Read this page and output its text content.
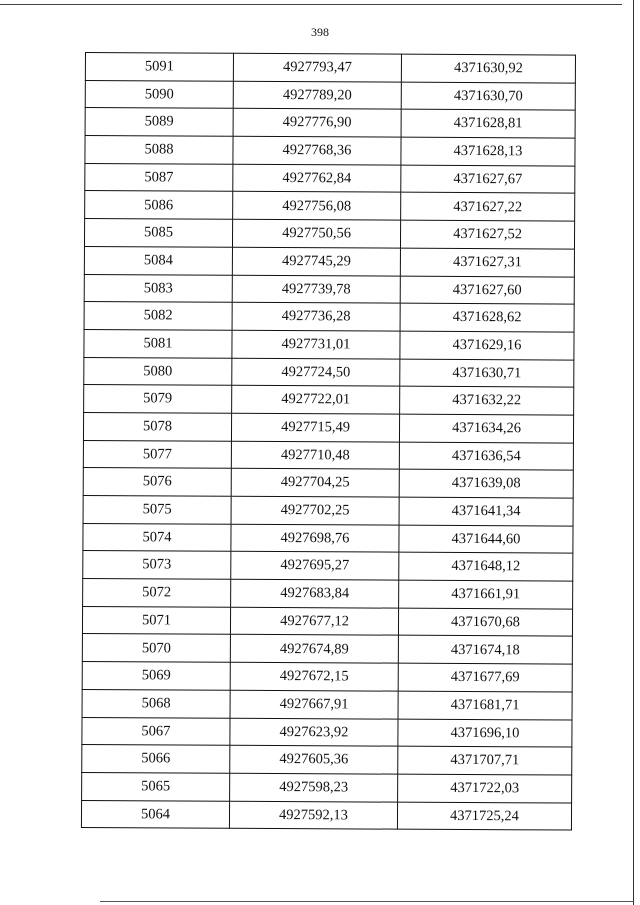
398
5091	4927793,47	4371630,92
5090	4927789,20	4371630,70
5089	4927776,90	4371628,81
5088	4927768,36	4371628,13
5087	4927762,84	4371627,67
5086	4927756,08	4371627,22
5085	4927750,56	4371627,52
5084	4927745,29	4371627,31
5083	4927739,78	4371627,60
5082	4927736,28	4371628,62
5081	4927731,01	4371629,16
5080	4927724,50	4371630,71
5079	4927722,01	4371632,22
5078	4927715,49	4371634,26
5077	4927710,48	4371636,54
5076	4927704,25	4371639,08
5075	4927702,25	4371641,34
5074	4927698,76	4371644,60
5073	4927695,27	4371648,12
5072	4927683,84	4371661,91
5071	4927677,12	4371670,68
5070	4927674,89	4371674,18
5069	4927672,15	4371677,69
5068	4927667,91	4371681,71
5067	4927623,92	4371696,10
5066	4927605,36	4371707,71
5065	4927598,23	4371722,03
5064	4927592,13	4371725,24
